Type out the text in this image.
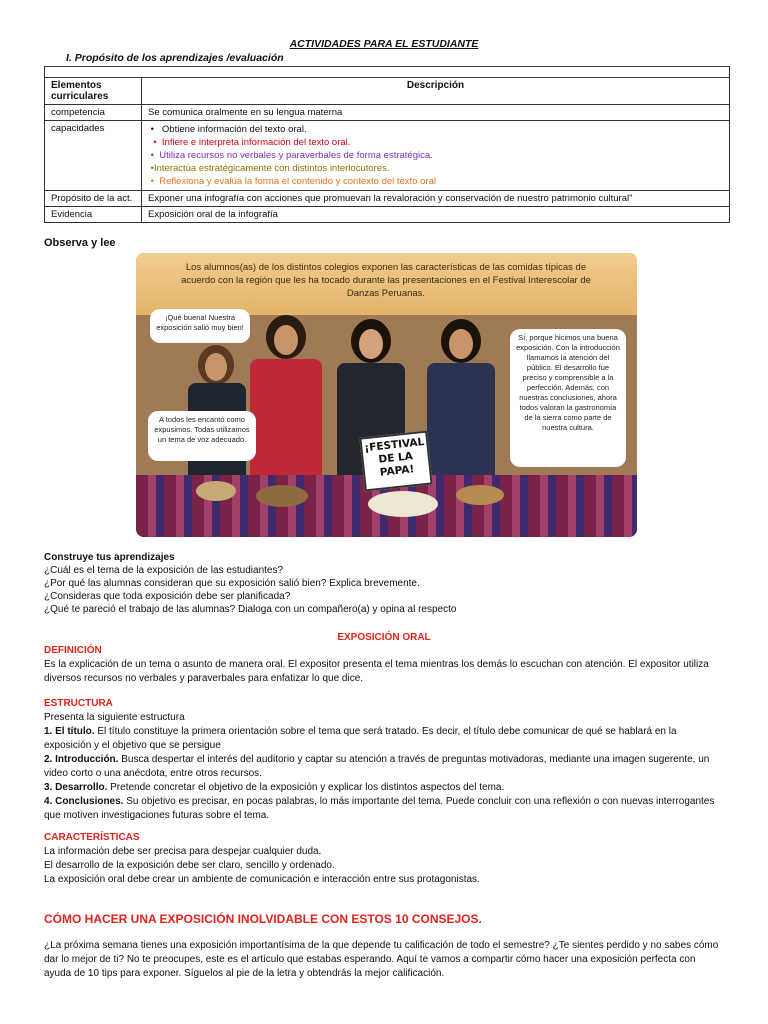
ACTIVIDADES PARA EL ESTUDIANTE
I. Propósito de los aprendizajes /evaluación

Elementos curriculares	Descripción
competencia	Se comunica oralmente en su lengua materna
capacidades	• Obtiene información del texto oral.
• Infiere e interpreta información del texto oral.
• Utiliza recursos no verbales y paraverbales de forma estratégica.
•Interactúa estratégicamente con distintos interlocutores.
• Reflexiona y evalúa la forma el contenido y contexto del texto oral

Propósito de la act.	Exponer una infografía con acciones que promuevan la revaloración y conservación de nuestro patrimonio cultural"
Evidencia	Exposición oral de la infografía
Observa y lee
Los alumnos(as) de los distintos colegios exponen las características de las comidas típicas de acuerdo con la región que les ha tocado durante las presentaciones en el Festival Interescolar de Danzas Peruanas.
¡Qué buena! Nuestra exposición salió muy bien!
A todos les encantó como expusimos. Todas utilizamos un tema de voz adecuado.
Sí, porque hicimos una buena exposición. Con la introducción llamamos la atención del público. El desarrollo fue preciso y comprensible a la perfección. Además, con nuestras conclusiones, ahora todos valoran la gastronomía de la sierra como parte de nuestra cultura.
¡FESTIVAL DE LA PAPA!
Construye tus aprendizajes
¿Cuál es el tema de la exposición de las estudiantes?
¿Por qué las alumnas consideran que su exposición salió bien? Explica brevemente.
¿Consideras que toda exposición debe ser planificada?
¿Qué te pareció el trabajo de las alumnas? Dialoga con un compañero(a) y opina al respecto
EXPOSICIÓN ORAL
DEFINICIÓN
Es la explicación de un tema o asunto de manera oral. El expositor presenta el tema mientras los demás lo escuchan con atención. El expositor utiliza diversos recursos no verbales y paraverbales para enfatizar lo que dice.
ESTRUCTURA
Presenta la siguiente estructura
1. El título. El título constituye la primera orientación sobre el tema que será tratado. Es decir, el título debe comunicar de qué se hablará en la exposición y el objetivo que se persigue
2. Introducción. Busca despertar el interés del auditorio y captar su atención a través de preguntas motivadoras, mediante una imagen sugerente, un video corto o una anécdota, entre otros recursos.
3. Desarrollo. Pretende concretar el objetivo de la exposición y explicar los distintos aspectos del tema.
4. Conclusiones. Su objetivo es precisar, en pocas palabras, lo más importante del tema. Puede concluir con una reflexión o con nuevas interrogantes que motiven investigaciones futuras sobre el tema.
CARACTERÍSTICAS
La información debe ser precisa para despejar cualquier duda.
El desarrollo de la exposición debe ser claro, sencillo y ordenado.
La exposición oral debe crear un ambiente de comunicación e interacción entre sus protagonistas.
CÓMO HACER UNA EXPOSICIÓN INOLVIDABLE CON ESTOS 10 CONSEJOS.
¿La próxima semana tienes una exposición importantísima de la que depende tu calificación de todo el semestre? ¿Te sientes perdido y no sabes cómo dar lo mejor de ti? No te preocupes, este es el artículo que estabas esperando. Aquí te vamos a compartir cómo hacer una exposición perfecta con ayuda de 10 tips para exponer. Síguelos al pie de la letra y obtendrás la mejor calificación.
